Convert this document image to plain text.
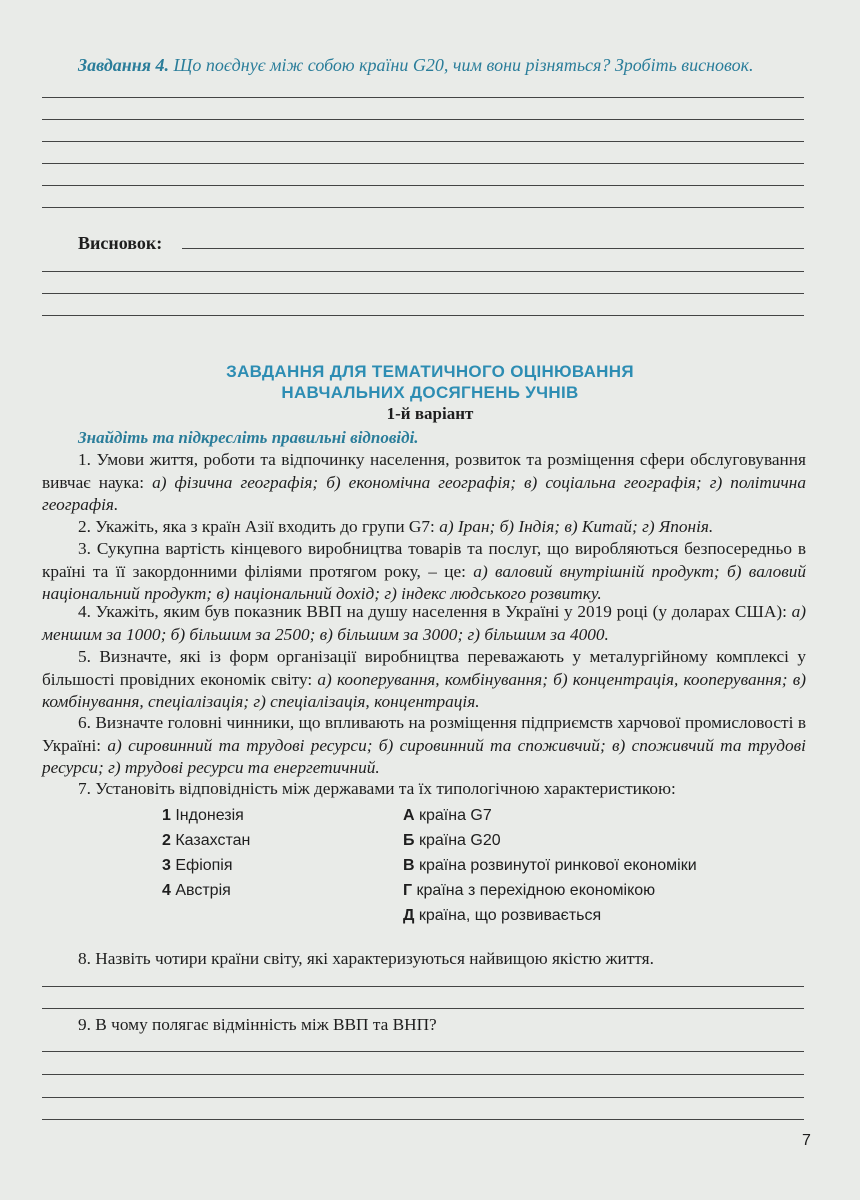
Завдання 4. Що поєднує між собою країни G20, чим вони різняться? Зробіть висновок.
Висновок:
ЗАВДАННЯ ДЛЯ ТЕМАТИЧНОГО ОЦІНЮВАННЯ
НАВЧАЛЬНИХ ДОСЯГНЕНЬ УЧНІВ
1-й варіант
Знайдіть та підкресліть правильні відповіді.
1. Умови життя, роботи та відпочинку населення, розвиток та розміщення сфери обслуговування вивчає наука: а) фізична географія; б) економічна географія; в) соціальна географія; г) політична географія.
2. Укажіть, яка з країн Азії входить до групи G7: а) Іран; б) Індія; в) Китай; г) Японія.
3. Сукупна вартість кінцевого виробництва товарів та послуг, що виробляються безпосередньо в країні та її закордонними філіями протягом року, – це: а) валовий внутрішній продукт; б) валовий національний продукт; в) національний дохід; г) індекс людського розвитку.
4. Укажіть, яким був показник ВВП на душу населення в Україні у 2019 році (у доларах США): а) меншим за 1000; б) більшим за 2500; в) більшим за 3000; г) більшим за 4000.
5. Визначте, які із форм організації виробництва переважають у металургійному комплексі у більшості провідних економік світу: а) кооперування, комбінування; б) концентрація, кооперування; в) комбінування, спеціалізація; г) спеціалізація, концентрація.
6. Визначте головні чинники, що впливають на розміщення підприємств харчової промисловості в Україні: а) сировинний та трудові ресурси; б) сировинний та споживчий; в) споживчий та трудові ресурси; г) трудові ресурси та енергетичний.
7. Установіть відповідність між державами та їх типологічною характеристикою:
1 Індонезія
2 Казахстан
3 Ефіопія
4 Австрія
А країна G7
Б країна G20
В країна розвинутої ринкової економіки
Г країна з перехідною економікою
Д країна, що розвивається
8. Назвіть чотири країни світу, які характеризуються найвищою якістю життя.
9. В чому полягає відмінність між ВВП та ВНП?
7
